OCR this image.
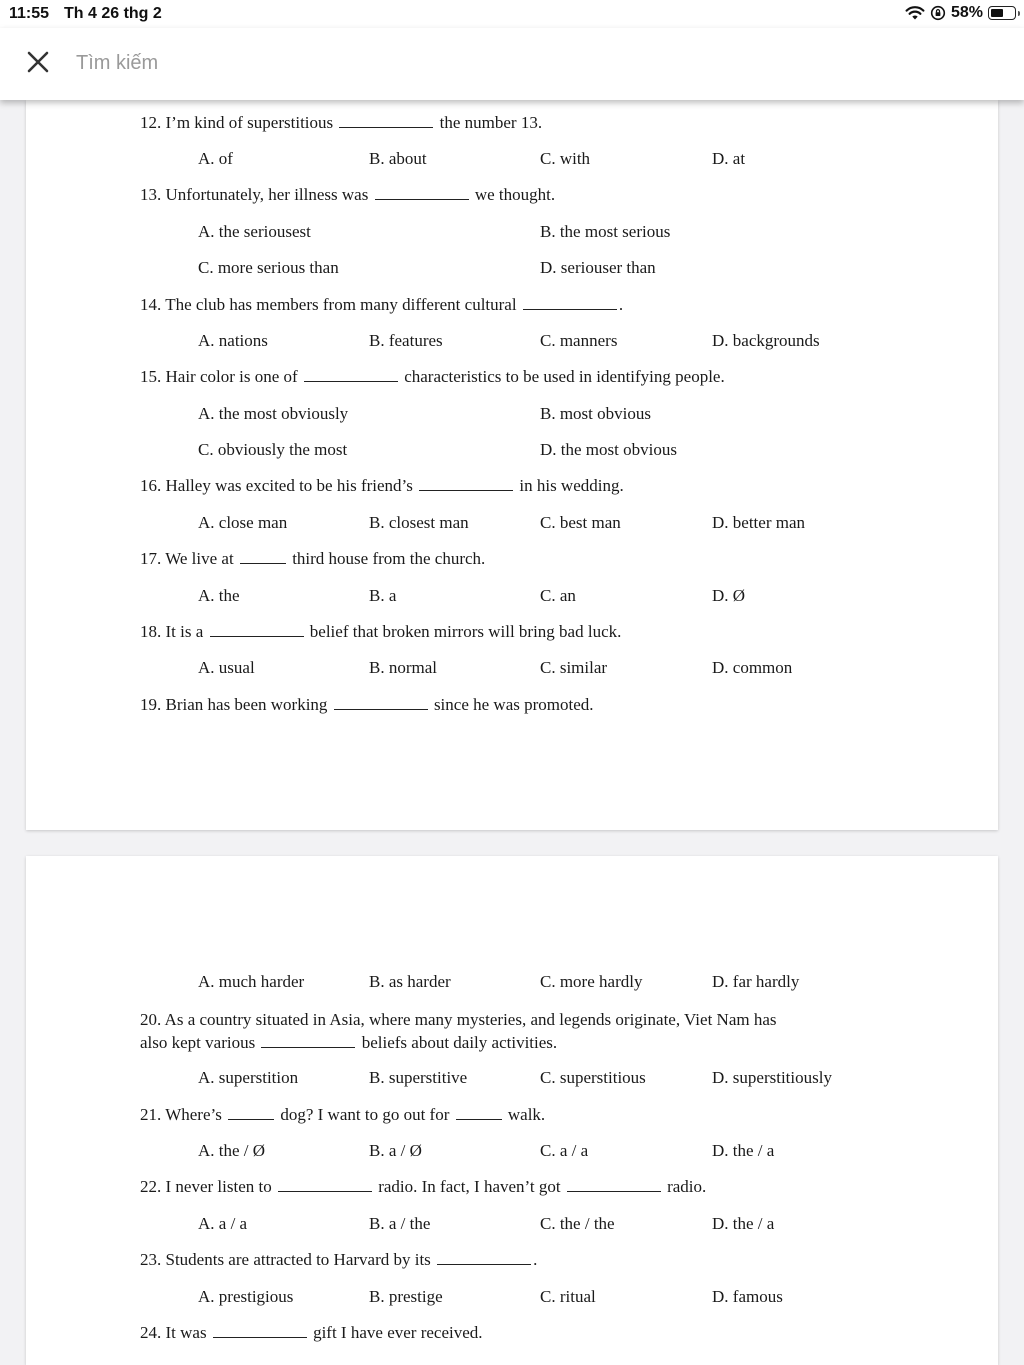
11:55 Th 4 26 thg 2	58%
Tìm kiếm
12. I’m kind of superstitious	the number 13.
A. of	B. about	C. with	D. at
13. Unfortunately, her illness was	we thought.
A. the seriousest	B. the most serious
C. more serious than	D. seriouser than
14. The club has members from many different cultural	.
A. nations	B. features	C. manners	D. backgrounds
15. Hair color is one of	characteristics to be used in identifying people.
A. the most obviously	B. most obvious
C. obviously the most	D. the most obvious
16. Halley was excited to be his friend’s	in his wedding.
A. close man	B. closest man	C. best man	D. better man
17. We live at	third house from the church.
A. the	B. a	C. an	D. Ø
18. It is a	belief that broken mirrors will bring bad luck.
A. usual	B. normal	C. similar	D. common
19. Brian has been working	since he was promoted.
A. much harder	B. as harder	C. more hardly	D. far hardly
20. As a country situated in Asia, where many mysteries, and legends originate, Viet Nam has
also kept various	beliefs about daily activities.
A. superstition	B. superstitive	C. superstitious	D. superstitiously
21. Where’s	dog? I want to go out for	walk.
A. the / Ø	B. a / Ø	C. a / a	D. the / a
22. I never listen to	radio. In fact, I haven’t got	radio.
A. a / a	B. a / the	C. the / the	D. the / a
23. Students are attracted to Harvard by its	.
A. prestigious	B. prestige	C. ritual	D. famous
24. It was	gift I have ever received.
